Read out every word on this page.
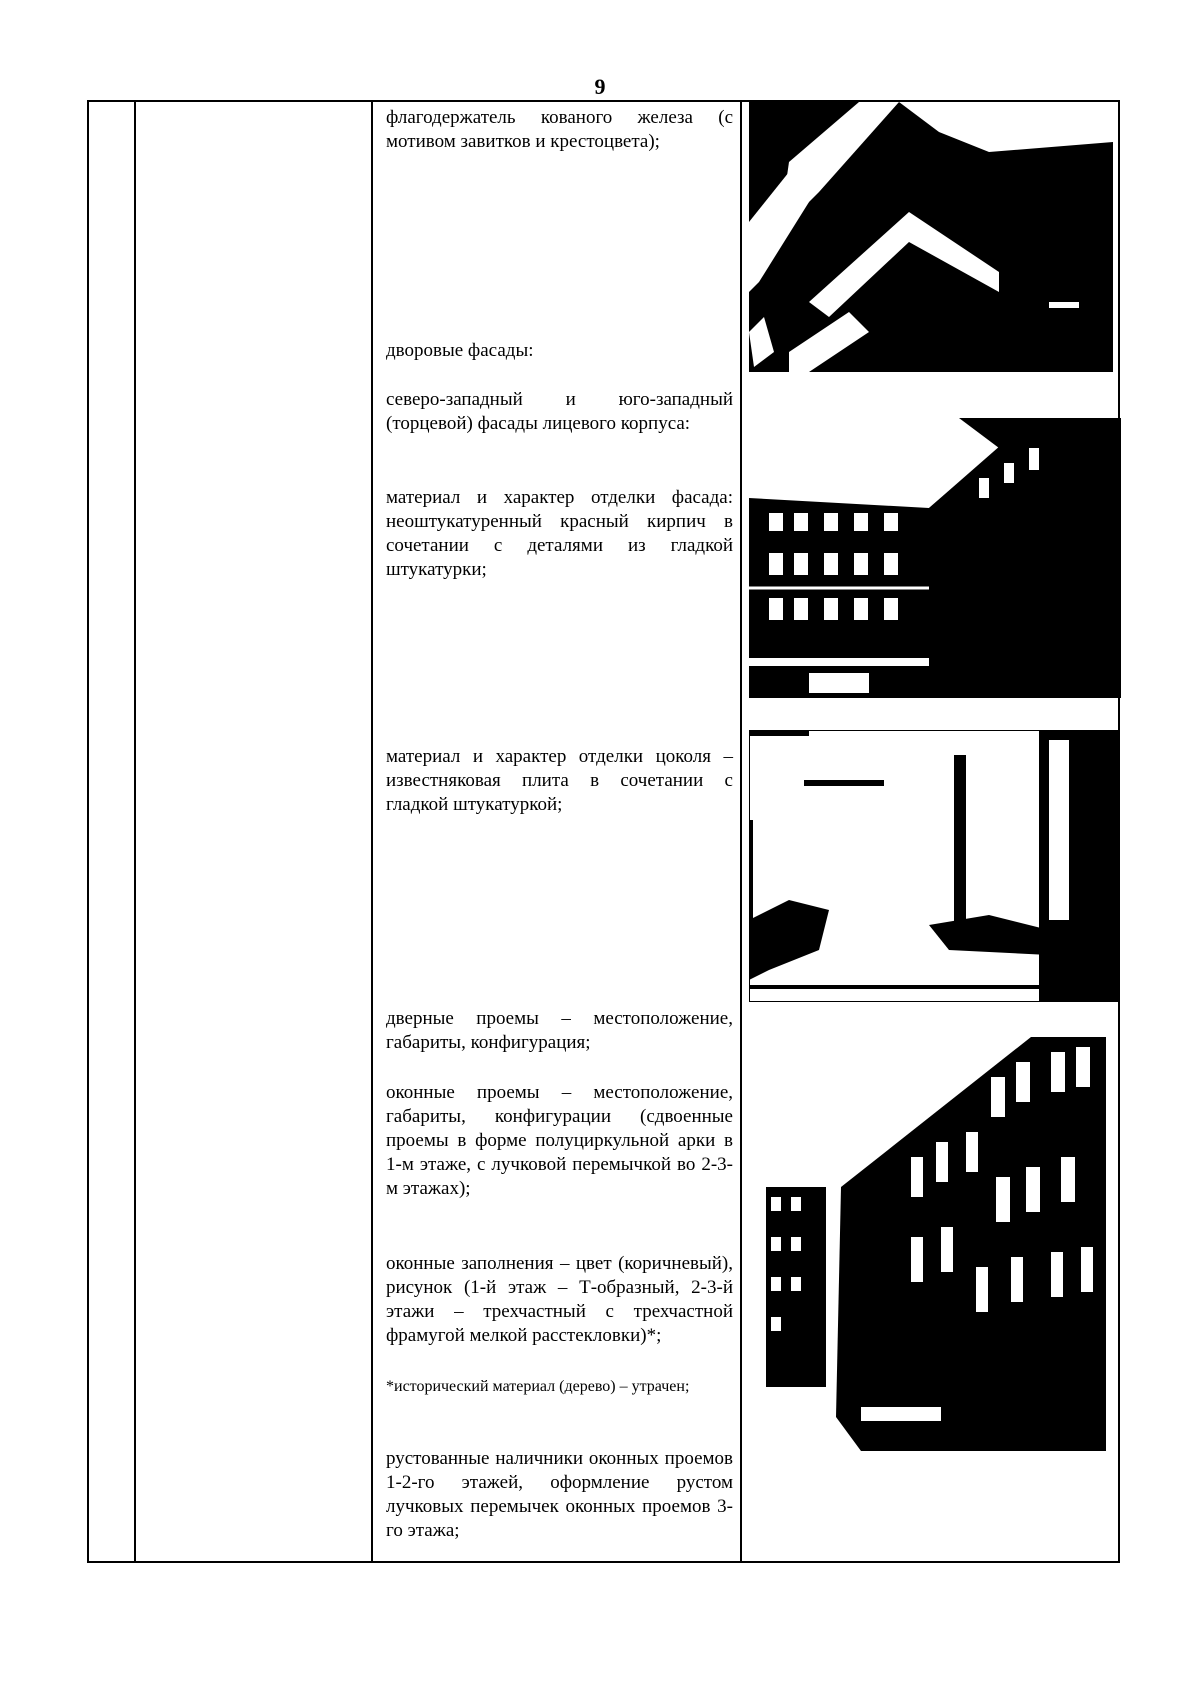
9
флагодержатель кованого железа (с мотивом завитков и крестоцвета);
дворовые фасады:
северо-западный и юго-западный (торцевой) фасады лицевого корпуса:
материал и характер отделки фасада: неоштукатуренный красный кирпич в сочетании с деталями из гладкой штукатурки;
материал и характер отделки цоколя – известняковая плита в сочетании с гладкой штукатуркой;
дверные проемы – местоположение, габариты, конфигурация;
оконные проемы – местоположение, габариты, конфигурации (сдвоенные проемы в форме полуциркульной арки в 1-м этаже, с лучковой перемычкой во 2-3-м этажах);
оконные заполнения – цвет (коричневый), рисунок (1-й этаж – Т-образный, 2-3-й этажи – трехчастный с трехчастной фрамугой мелкой расстекловки)*;
*исторический материал (дерево) – утрачен;
рустованные наличники оконных проемов 1-2-го этажей, оформление рустом лучковых перемычек оконных проемов 3-го этажа;
